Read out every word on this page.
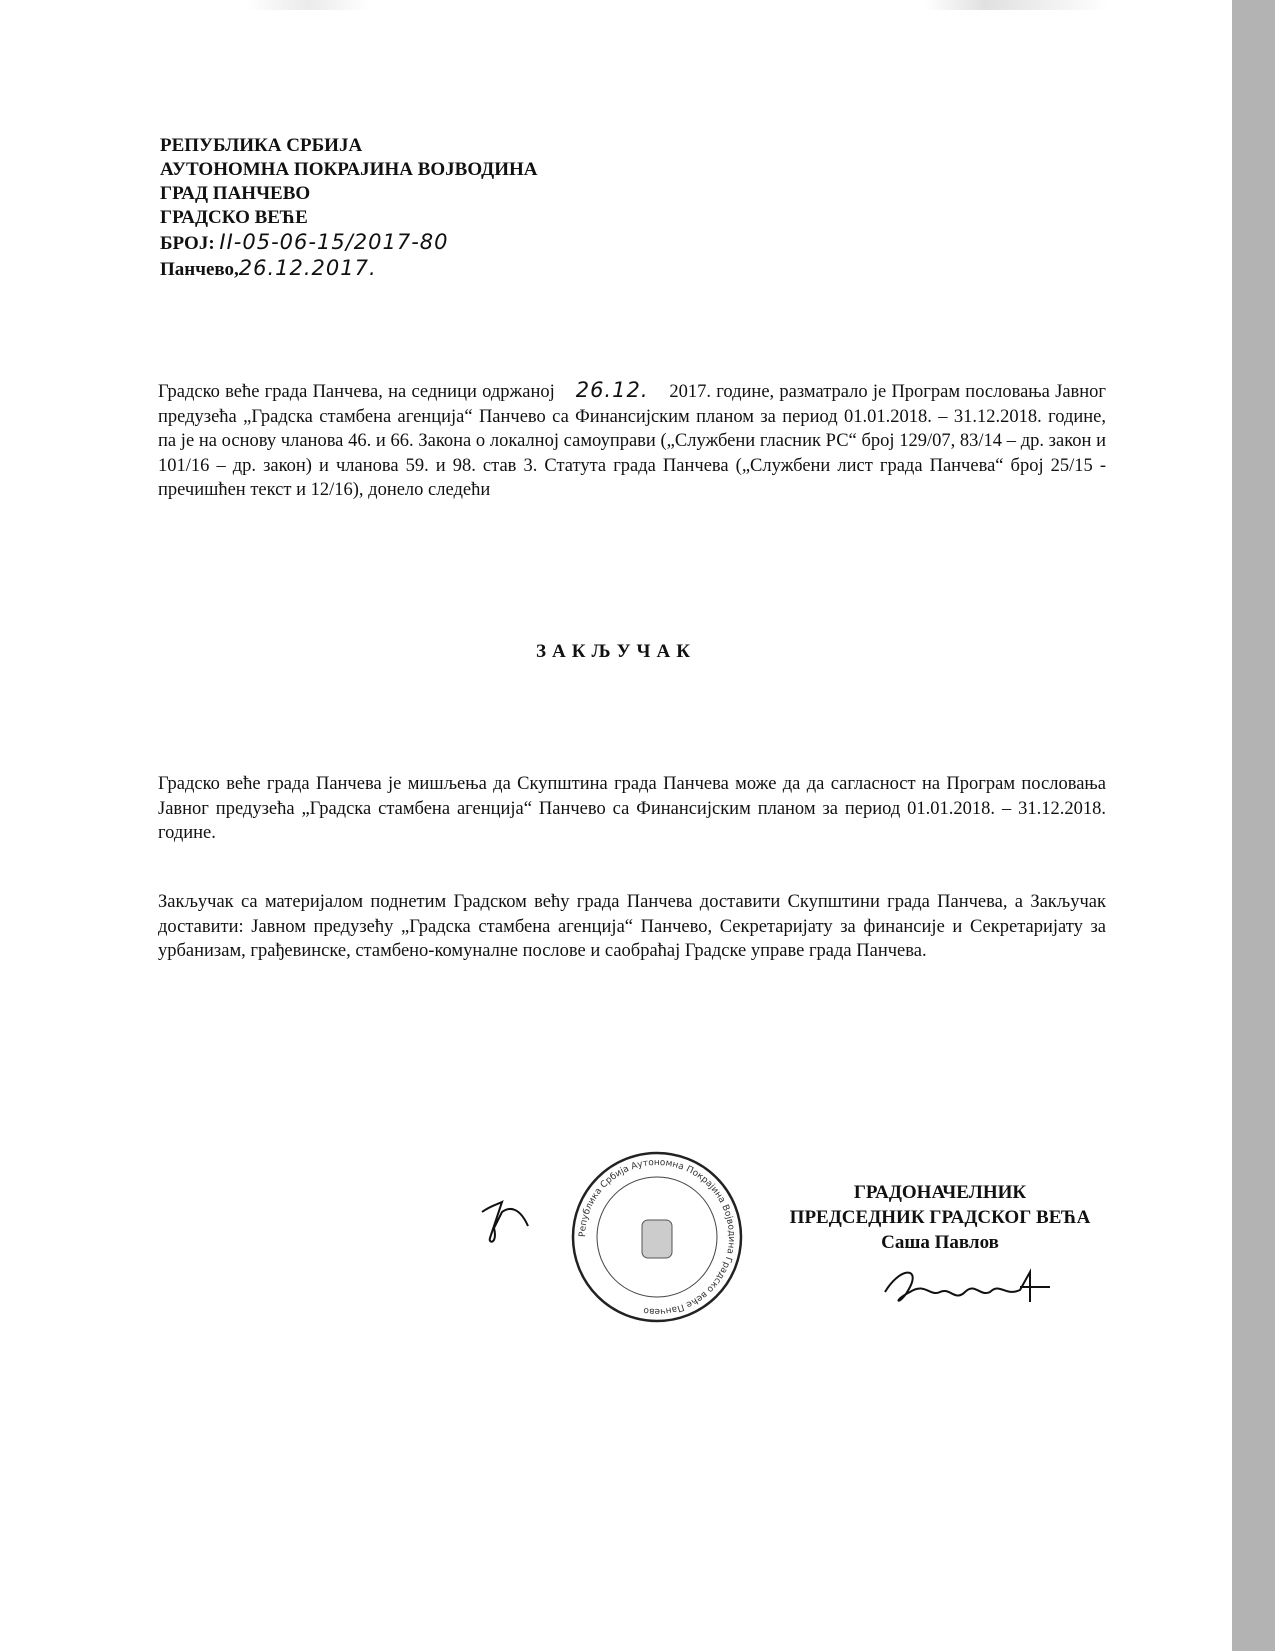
РЕПУБЛИКА СРБИЈА
АУТОНОМНА ПОКРАЈИНА ВОЈВОДИНА
ГРАД ПАНЧЕВО
ГРАДСКО ВЕЋЕ
БРОЈ: II-05-06-15/2017-80
Панчево,26.12.2017.
Градско веће града Панчева, на седници одржаној 26.12. 2017. године, разматрало је Програм пословања Јавног предузећа „Градска стамбена агенција“ Панчево са Финансијским планом за период 01.01.2018. – 31.12.2018. године, па је на основу чланова 46. и 66. Закона о локалној самоуправи („Службени гласник РС“ број 129/07, 83/14 – др. закон и 101/16 – др. закон) и чланова 59. и 98. став 3. Статута града Панчева („Службени лист града Панчева“ број 25/15 - пречишћен текст и 12/16), донело следећи
ЗАКЉУЧАК
Градско веће града Панчева је мишљења да Скупштина града Панчева може да да сагласност на Програм пословања Јавног предузећа „Градска стамбена агенција“ Панчево са Финансијским планом за период 01.01.2018. – 31.12.2018. године.
Закључак са материјалом поднетим Градском већу града Панчева доставити Скупштини града Панчева, а Закључак доставити: Јавном предузећу „Градска стамбена агенција“ Панчево, Секретаријату за финансије и Секретаријату за урбанизам, грађевинске, стамбено-комуналне послове и саобраћај Градске управе града Панчева.
Република Србија Аутономна Покрајина Војводина Градско веће Панчево
ГРАДОНАЧЕЛНИК
ПРЕДСЕДНИК ГРАДСКОГ ВЕЋА
Саша Павлов
